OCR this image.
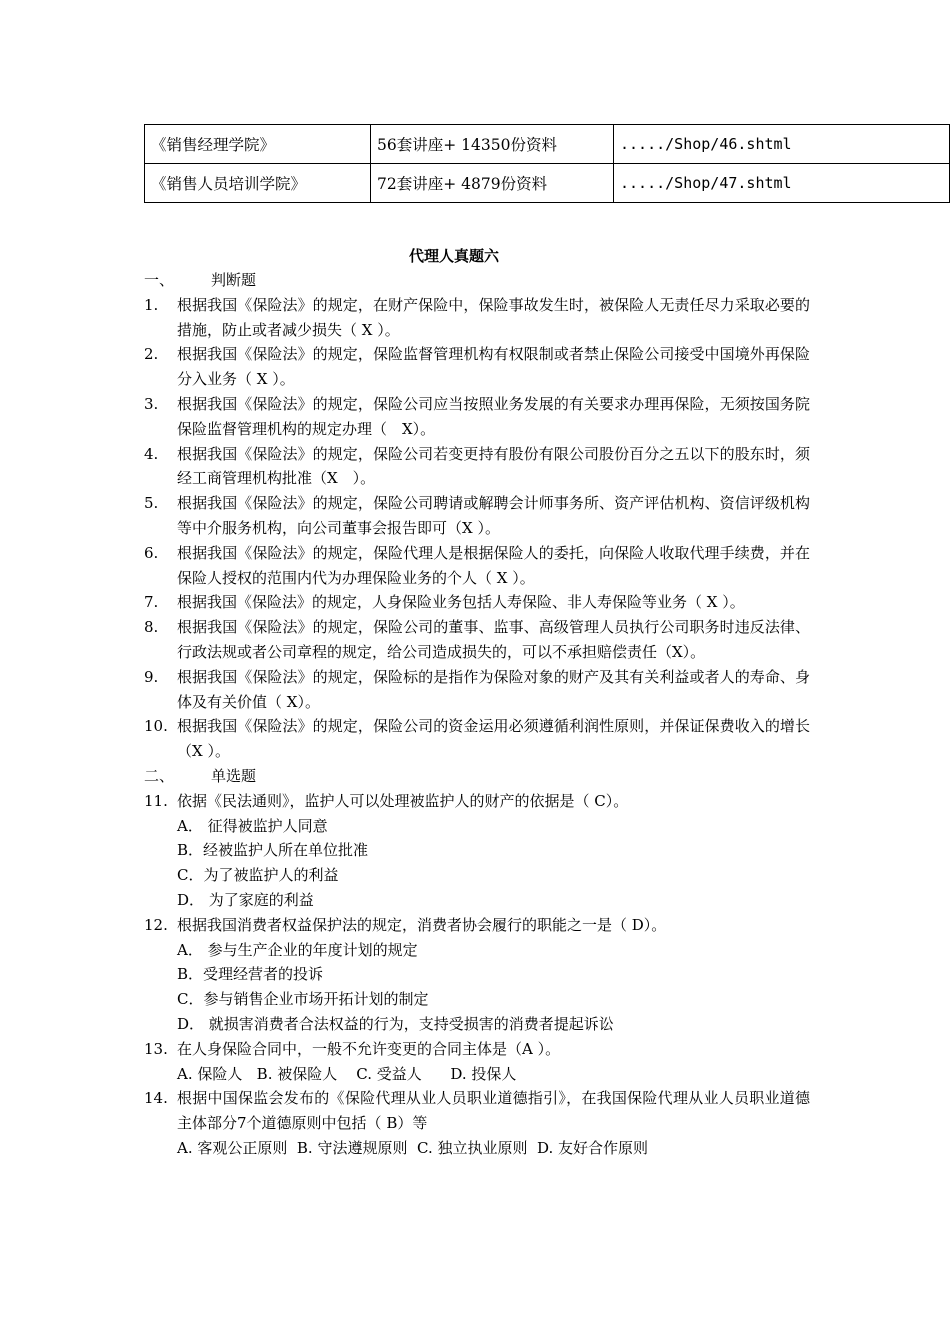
《销售经理学院》	56套讲座+ 14350份资料	...../Shop/46.shtml
《销售人员培训学院》	72套讲座+ 4879份资料	...../Shop/47.shtml
代理人真题六
一、	判断题
1.	根据我国《保险法》的规定，在财产保险中，保险事故发生时，被保险人无责任尽力采取必要的措施，防止或者减少损失（ X ）。
2.	根据我国《保险法》的规定，保险监督管理机构有权限制或者禁止保险公司接受中国境外再保险分入业务（ X ）。
3.	根据我国《保险法》的规定，保险公司应当按照业务发展的有关要求办理再保险，无须按国务院保险监督管理机构的规定办理（　X）。
4.	根据我国《保险法》的规定，保险公司若变更持有股份有限公司股份百分之五以下的股东时，须经工商管理机构批准（X　）。
5.	根据我国《保险法》的规定，保险公司聘请或解聘会计师事务所、资产评估机构、资信评级机构等中介服务机构，向公司董事会报告即可（X ）。
6.	根据我国《保险法》的规定，保险代理人是根据保险人的委托，向保险人收取代理手续费，并在保险人授权的范围内代为办理保险业务的个人（ X ）。
7.	根据我国《保险法》的规定，人身保险业务包括人寿保险、非人寿保险等业务（ X ）。
8.	根据我国《保险法》的规定，保险公司的董事、监事、高级管理人员执行公司职务时违反法律、行政法规或者公司章程的规定，给公司造成损失的，可以不承担赔偿责任（X）。
9.	根据我国《保险法》的规定，保险标的是指作为保险对象的财产及其有关利益或者人的寿命、身体及有关价值（ X）。
10. 根据我国《保险法》的规定，保险公司的资金运用必须遵循利润性原则，并保证保费收入的增长（X ）。
二、	单选题
11. 依据《民法通则》，监护人可以处理被监护人的财产的依据是（ C）。
A． 征得被监护人同意
B．经被监护人所在单位批准
C．为了被监护人的利益
D． 为了家庭的利益
12. 根据我国消费者权益保护法的规定，消费者协会履行的职能之一是（ D）。
A． 参与生产企业的年度计划的规定
B．受理经营者的投诉
C．参与销售企业市场开拓计划的制定
D． 就损害消费者合法权益的行为，支持受损害的消费者提起诉讼
13. 在人身保险合同中，一般不允许变更的合同主体是（A ）。
A. 保险人   B. 被保险人    C. 受益人      D. 投保人
14. 根据中国保监会发布的《保险代理从业人员职业道德指引》，在我国保险代理从业人员职业道德主体部分7个道德原则中包括（ B）等
A. 客观公正原则  B. 守法遵规原则  C. 独立执业原则  D. 友好合作原则
